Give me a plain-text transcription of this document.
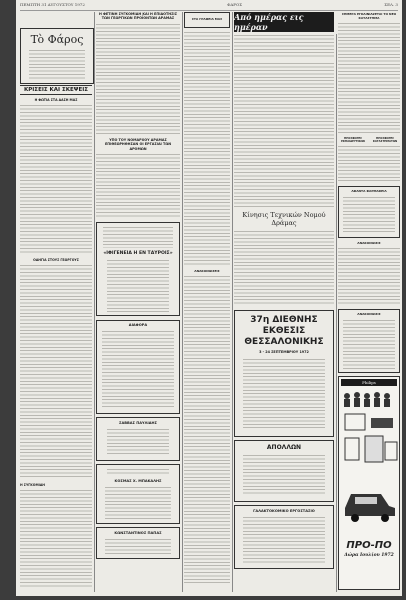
ΠΕΜΠΤΗ 31 ΑΥΓΟΥΣΤΟΥ 1972	ΦΑΡΟΣ	ΣΕΛ. 3
Tò Φάρος
ΚΡΙΣΕΙΣ ΚΑΙ ΣΚΕΨΕΙΣ
Η ΦΩΤΙΑ ΣΤΑ ΔΑΣΗ ΜΑΣ
ΟΔΗΓΙΑ ΣΤΟΥΣ ΓΕΩΡΓΟΥΣ
Η ΣΥΓΚΟΜΙΔΗ
Η ΦΕΤΙΝΗ ΣΥΓΚΟΜΙΔΗ ΚΑΙ Η ΕΠΙΔΟΤΗΣΙΣ ΤΩΝ ΓΕΩΡΓΙΚΩΝ ΠΡΟΪΟΝΤΩΝ ΔΡΑΜΑΣ
ΥΠΟ ΤΟΥ ΝΟΜΑΡΧΟΥ ΔΡΑΜΑΣ ΕΠΙΘΕΩΡΗΘΗΣΑΝ ΟΙ ΕΡΓΑΣΙΑΙ ΤΩΝ ΔΡΟΜΩΝ
«ΙΦΙΓΕΝΕΙΑ Η ΕΝ ΤΑΥΡΟΙΣ»
ΔΙΑΦΟΡΑ
ΣΑΒΒΑΣ ΠΑΥΛΙΔΗΣ
ΚΟΣΜΑΣ Χ. ΜΠΑΚΑΛΗΣ
ΚΩΝΣΤΑΝΤΙΝΟΣ ΠΑΠΑΣ
ΣΤΑ ΓΡΑΦΕΙΑ ΜΑΣ
ΑΝΑΚΟΙΝΩΣΕΙΣ
Από ημέρας εις ημέραν
Κίνησις Τεχνικών Νομού Δράμας
37η ΔΙΕΘΝΗΣ ΕΚΘΕΣΙΣ ΘΕΣΣΑΛΟΝΙΚΗΣ
3 - 24 ΣΕΠΤΕΜΒΡΙΟΥ 1972
ΑΠΟΛΛΩΝ
ΓΑΛΑΚΤΟΚΟΜΙΚΟ ΕΡΓΟΣΤΑΣΙΟ
ΣΗΜΕΡΑ ΕΓΚΑΙΝΙΑΖΕΤΑΙ ΤΟ ΝΕΟ ΚΑΤΑΣΤΗΜΑ
ΠΡΟΣΦΟΡΕΣ ΕΚΠΑΙΔΕΥΤΙΚΩΝ
ΠΡΟΣΦΟΡΕΣ ΚΑΤΑΣΤΗΜΑΤΩΝ
ΑΦΑΝΤΑ ΦΑΡΜΑΚΕΙΑ
ΑΝΑΚΟΙΝΩΣΙΣ
ΑΝΑΚΟΙΝΩΣΙΣ
Philips
ΠΡΟ-ΠΟ
Δώρα Ιουλίου 1972
